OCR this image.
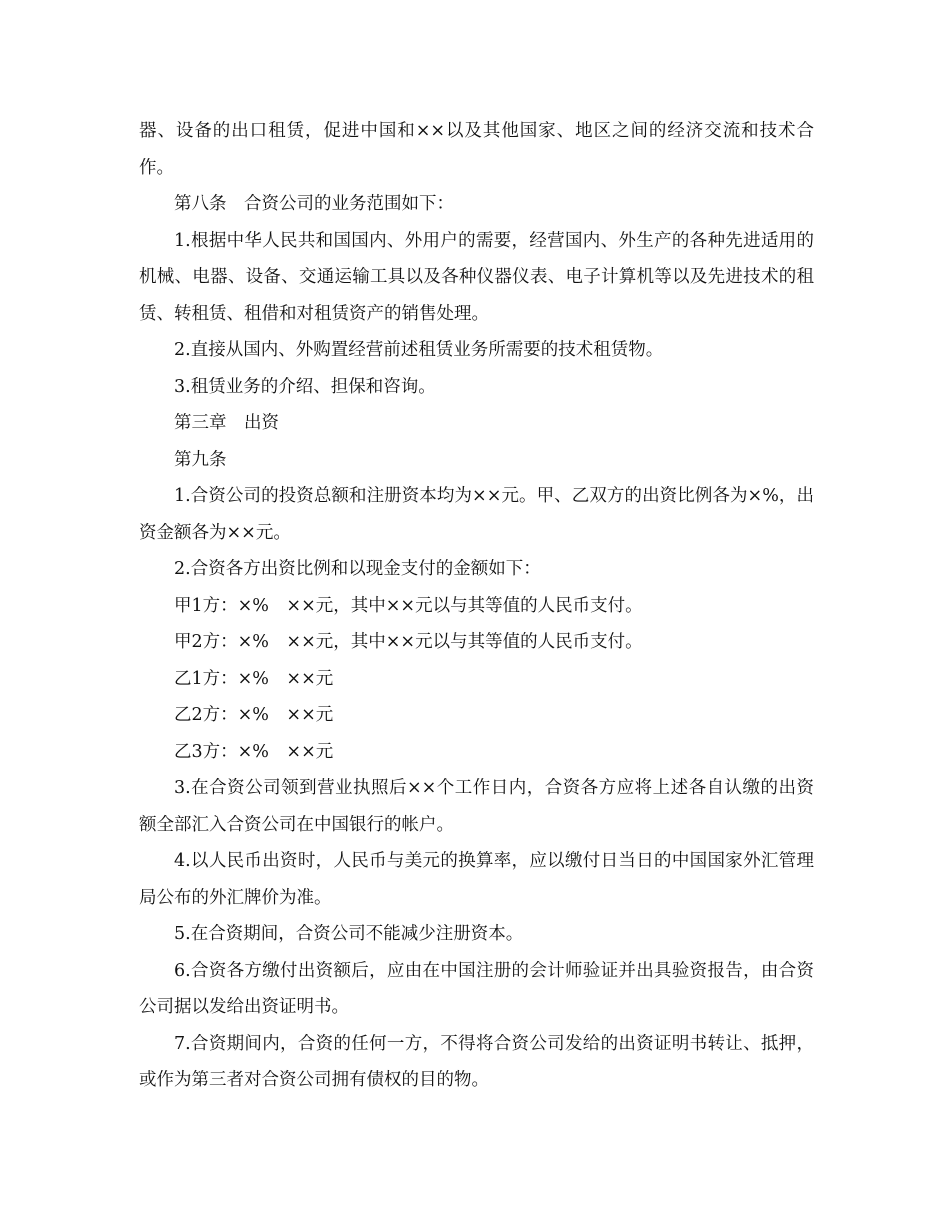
器、设备的出口租赁，促进中国和××以及其他国家、地区之间的经济交流和技术合作。

第八条　合资公司的业务范围如下：

1.根据中华人民共和国国内、外用户的需要，经营国内、外生产的各种先进适用的机械、电器、设备、交通运输工具以及各种仪器仪表、电子计算机等以及先进技术的租赁、转租赁、租借和对租赁资产的销售处理。

2.直接从国内、外购置经营前述租赁业务所需要的技术租赁物。

3.租赁业务的介绍、担保和咨询。

第三章　出资

第九条

1.合资公司的投资总额和注册资本均为××元。甲、乙双方的出资比例各为×%，出资金额各为××元。

2.合资各方出资比例和以现金支付的金额如下：

甲1方：×%　××元，其中××元以与其等值的人民币支付。

甲2方：×%　××元，其中××元以与其等值的人民币支付。

乙1方：×%　××元

乙2方：×%　××元

乙3方：×%　××元

3.在合资公司领到营业执照后××个工作日内，合资各方应将上述各自认缴的出资额全部汇入合资公司在中国银行的帐户。

4.以人民币出资时，人民币与美元的换算率，应以缴付日当日的中国国家外汇管理局公布的外汇牌价为准。

5.在合资期间，合资公司不能减少注册资本。

6.合资各方缴付出资额后，应由在中国注册的会计师验证并出具验资报告，由合资公司据以发给出资证明书。

7.合资期间内，合资的任何一方，不得将合资公司发给的出资证明书转让、抵押，或作为第三者对合资公司拥有债权的目的物。
